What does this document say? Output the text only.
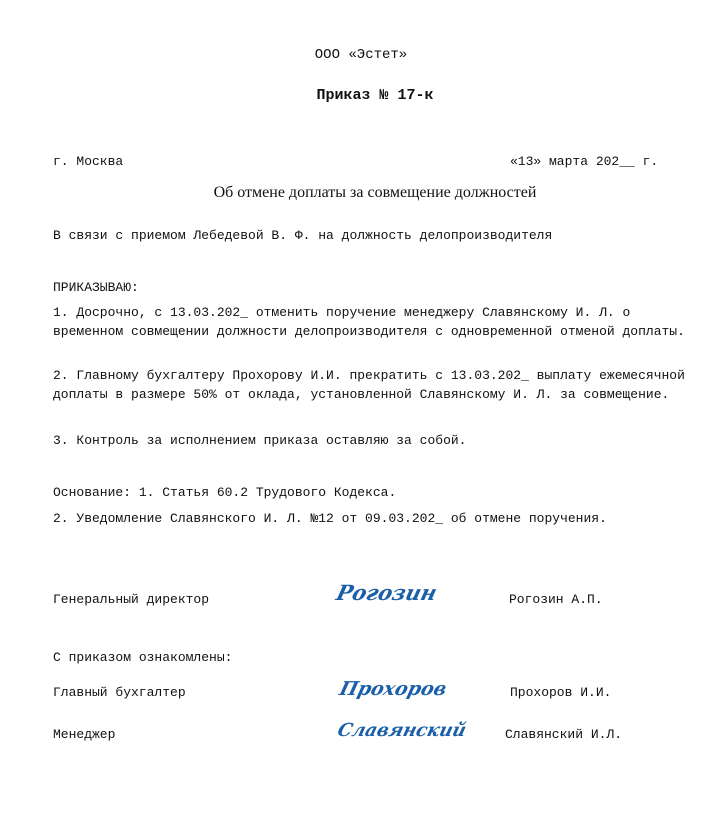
ООО «Эстет»
Приказ № 17-к
г. Москва	«13» марта 202__ г.
Об отмене доплаты за совмещение должностей
В связи с приемом Лебедевой В. Ф. на должность делопроизводителя
ПРИКАЗЫВАЮ:
1. Досрочно, с 13.03.202_ отменить поручение менеджеру Славянскому И. Л. о временном совмещении должности делопроизводителя с одновременной отменой доплаты.
2. Главному бухгалтеру Прохорову И.И. прекратить с 13.03.202_ выплату ежемесячной доплаты в размере 50% от оклада, установленной Славянскому И. Л. за совмещение.
3. Контроль за исполнением приказа оставляю за собой.
Основание: 1. Статья 60.2 Трудового Кодекса.
2. Уведомление Славянского И. Л. №12 от 09.03.202_ об отмене поручения.
Генеральный директор	Рогозин	Рогозин А.П.
С приказом ознакомлены:
Главный бухгалтер	Прохоров	Прохоров И.И.
Менеджер	Славянский	Славянский И.Л.
